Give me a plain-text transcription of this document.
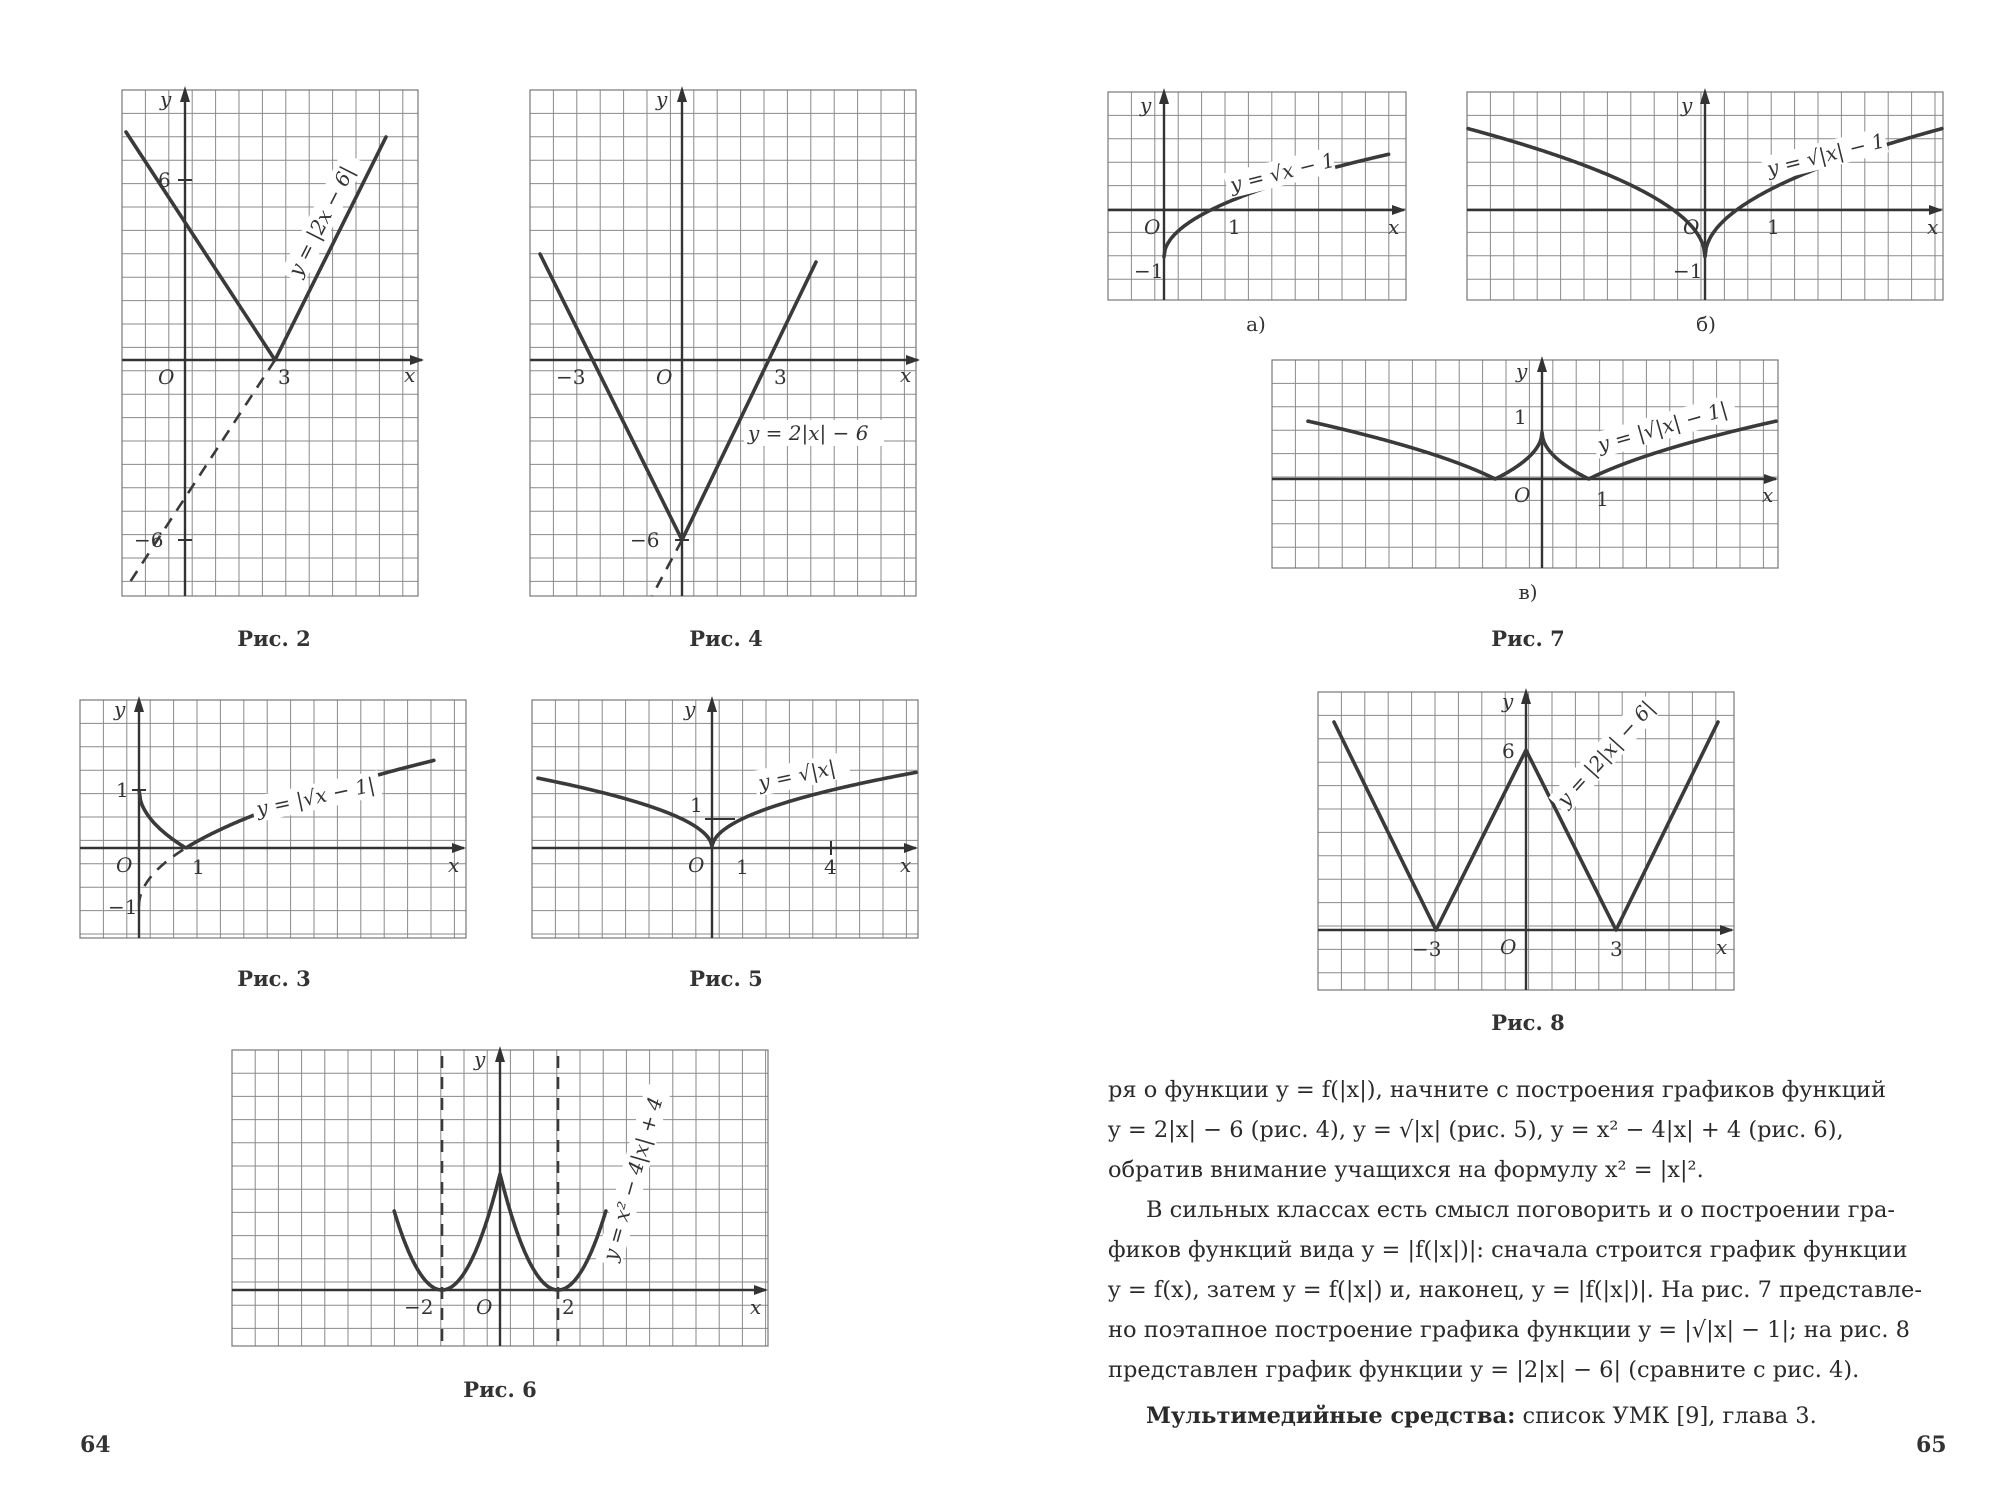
y
x
O	3
6
−6
y = |2x − 6|
Рис. 2
y
x
O
−3	3
−6
y = 2|x| − 6
Рис. 4
y
x
O	1
1
−1
y = |√x − 1|
Рис. 3
y
x
O 1	4
1
y = √|x|
Рис. 5
y
x
O
−2	2
y = x² − 4|x| + 4
Рис. 6
y
x
O	1
−1
y = √x − 1
а)
y
x
O	1
−1
y = √|x| − 1
б)
y
x
O	1
1	y = |√|x| − 1|
в)
Рис. 7
y
x
O
−3	3
6 y = |2|x| − 6|
Рис. 8

ря о функции y = f(|x|), начните с построения графиков функций

y = 2|x| − 6 (рис. 4), y = √|x| (рис. 5), y = x² − 4|x| + 4 (рис. 6),

обратив внимание учащихся на формулу x² = |x|².

В сильных классах есть смысл поговорить и о построении гра-

фиков функций вида y = |f(|x|)|: сначала строится график функции

y = f(x), затем y = f(|x|) и, наконец, y = |f(|x|)|. На рис. 7 представле-

но поэтапное построение графика функции y = |√|x| − 1|; на рис. 8

представлен график функции y = |2|x| − 6| (сравните с рис. 4).

Мультимедийные средства: список УМК [9], глава 3.

64	65
